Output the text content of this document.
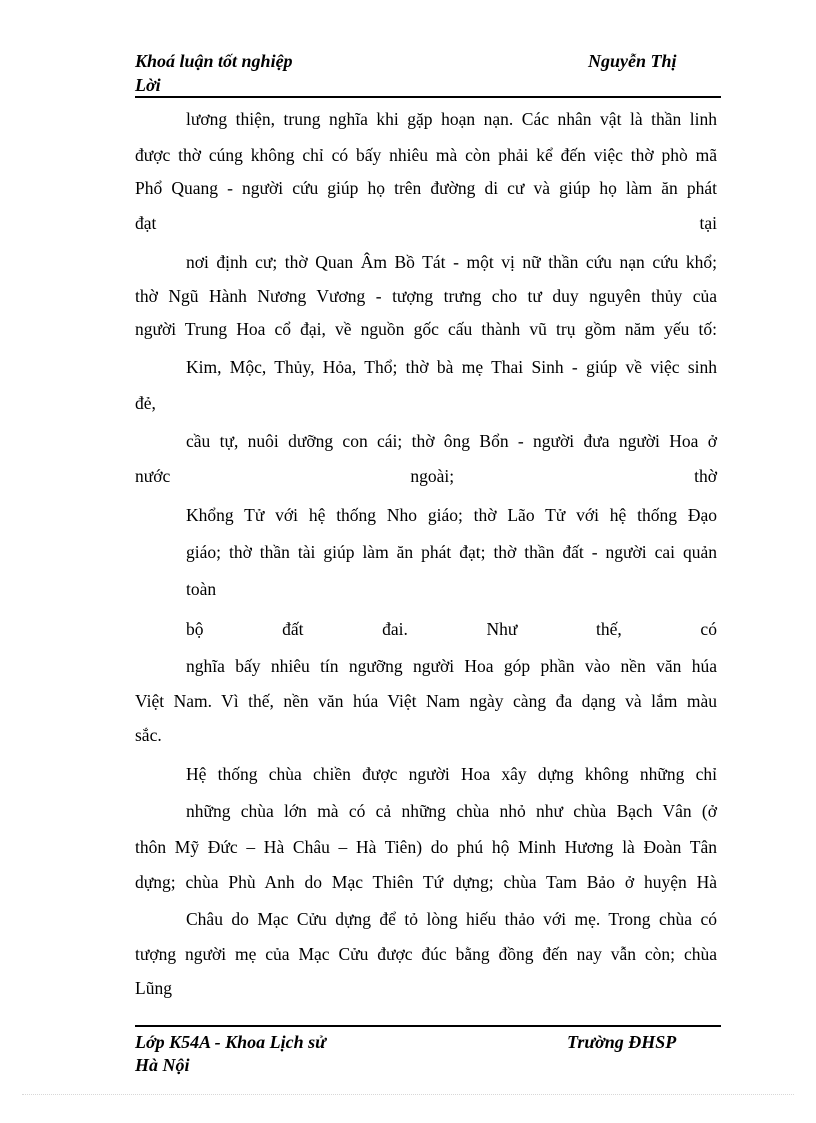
Khoá luận tốt nghiệp	Nguyễn Thị
Lời
lương thiện, trung nghĩa khi gặp hoạn nạn. Các nhân vật là thần linh
được thờ cúng không chỉ có bấy nhiêu mà còn phải kể đến việc thờ phò mã
Phổ Quang - người cứu giúp họ trên đường di cư và giúp họ làm ăn phát
đạt	tại
nơi định cư; thờ Quan Âm Bồ Tát - một vị nữ thần cứu nạn cứu khổ;
thờ Ngũ Hành Nương Vương - tượng trưng cho tư duy nguyên thủy của
người Trung Hoa cổ đại, về nguồn gốc cấu thành vũ trụ gồm năm yếu tố:
Kim, Mộc, Thủy, Hỏa, Thổ; thờ bà mẹ Thai Sinh - giúp về việc sinh
đẻ,
cầu tự, nuôi dưỡng con cái; thờ ông Bổn - người đưa người Hoa ở
nước	ngoài;	thờ
Khổng Tử với hệ thống Nho giáo; thờ Lão Tử với hệ thống Đạo
giáo; thờ thần tài giúp làm ăn phát đạt; thờ thần đất - người cai quản
toàn
bộ	đất	đai.	Như	thế,	có
nghĩa bấy nhiêu tín ngưỡng người Hoa góp phần vào nền văn húa
Việt Nam. Vì thế, nền văn húa Việt Nam ngày càng đa dạng và lắm màu
sắc.
Hệ thống chùa chiền được người Hoa xây dựng không những chỉ
những chùa lớn mà có cả những chùa nhỏ như chùa Bạch Vân (ở
thôn Mỹ Đức – Hà Châu – Hà Tiên) do phú hộ Minh Hương là Đoàn Tân
dựng; chùa Phù Anh do Mạc Thiên Tứ dựng; chùa Tam Bảo ở huyện Hà
Châu do Mạc Cửu dựng để tỏ lòng hiếu thảo với mẹ. Trong chùa có
tượng người mẹ của Mạc Cửu được đúc bằng đồng đến nay vẫn còn; chùa
Lũng
Lớp K54A - Khoa Lịch sử	Trường ĐHSP
Hà Nội
